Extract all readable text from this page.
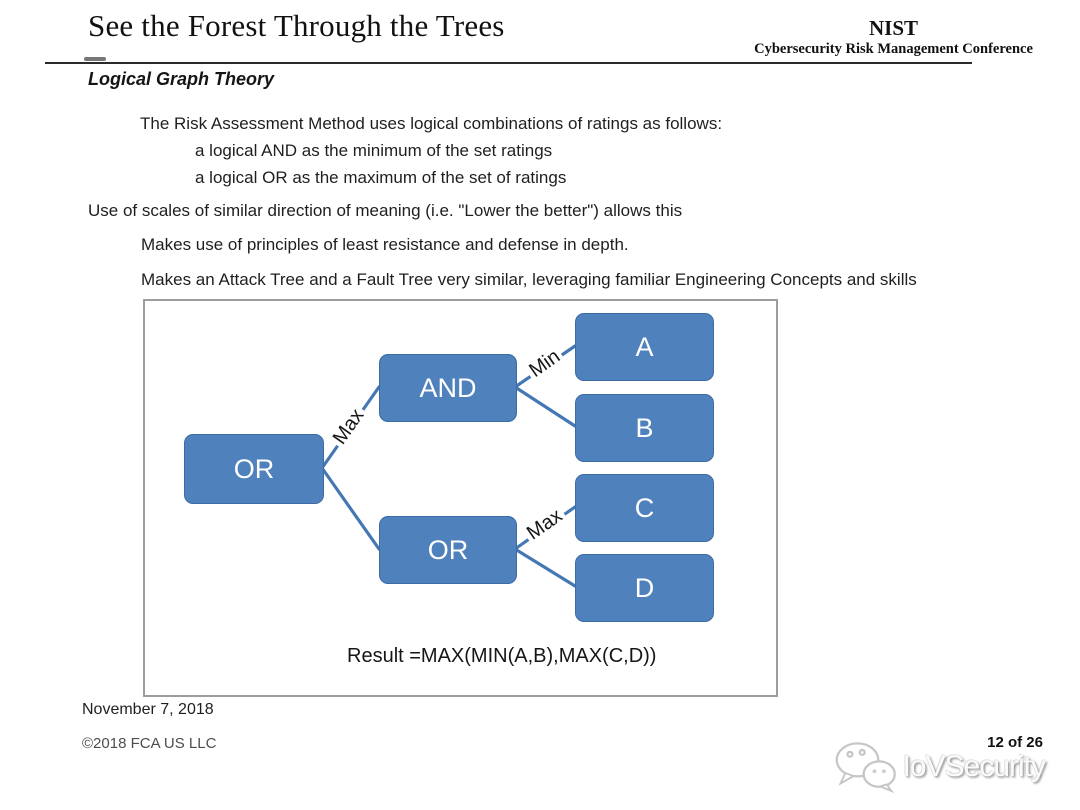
See the Forest Through the Trees	NIST
Cybersecurity Risk Management Conference
Logical Graph Theory
The Risk Assessment Method uses logical combinations of ratings as follows:
a logical AND as the minimum of the set ratings
a logical OR as the maximum of the set of ratings
Use of scales of similar direction of meaning (i.e. "Lower the better") allows this
Makes use of principles of least resistance and defense in depth.
Makes an Attack Tree and a Fault Tree very similar, leveraging familiar Engineering Concepts and skills
Max
Min
Max
OR
AND
OR
A
B
C
D
Result =MAX(MIN(A,B),MAX(C,D))
November 7, 2018
©2018 FCA US LLC	12 of 26
IoVSecurity
